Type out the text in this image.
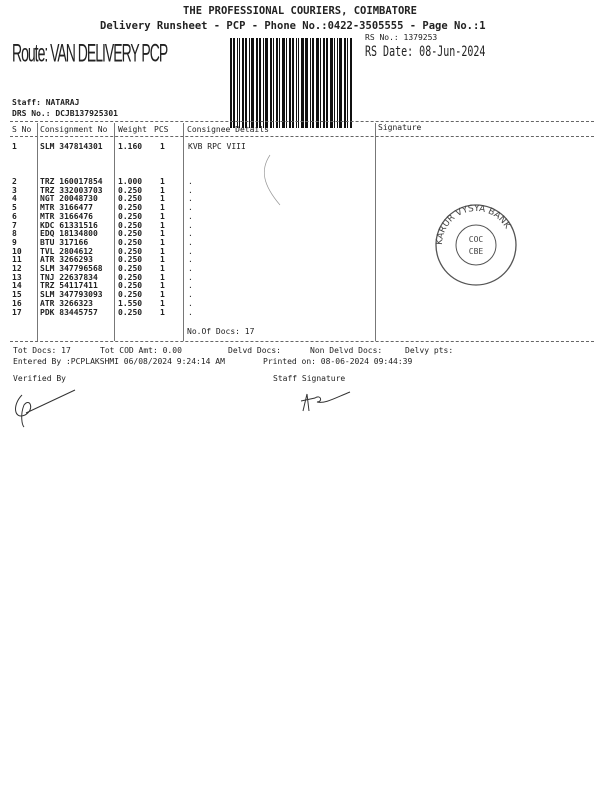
THE PROFESSIONAL COURIERS, COIMBATORE
Delivery Runsheet - PCP - Phone No.:0422-3505555 - Page No.:1
Route: VAN DELIVERY PCP
RS No.: 1379253
RS Date: 08-Jun-2024
Staff: NATARAJ
DRS No.: DCJB137925301
S No Consignment No Weight PCS Consignee Details	Signature
1	SLM 347814301 1.160 1	KVB RPC VIII
2	TRZ 160017854 1.000 1	.
3	TRZ 332003703 0.250 1	.
4	NGT 20048730	0.250 1	.
5	MTR 3166477	0.250 1	.
6	MTR 3166476	0.250 1	.
7	KDC 61331516	0.250 1	.
8	EDQ 18134800	0.250 1	.
9	BTU 317166	0.250 1	.
10 TVL 2804612	0.250 1	.
11 ATR 3266293	0.250 1	.
12 SLM 347796568 0.250 1	.
13 TNJ 22637834	0.250 1	.
14 TRZ 54117411	0.250 1	.
15 SLM 347793093 0.250 1	.
16 ATR 3266323	1.550 1	.
17 PDK 83445757	0.250 1	.
No.Of Docs: 17
KARUR VYSYA BANK
COC
CBE
Tot Docs: 17	Tot COD Amt: 0.00	Delvd Docs:	Non Delvd Docs:	Delvy pts:
Entered By :PCPLAKSHMI 06/08/2024 9:24:14 AM	Printed on: 08-06-2024 09:44:39
Verified By	Staff Signature
